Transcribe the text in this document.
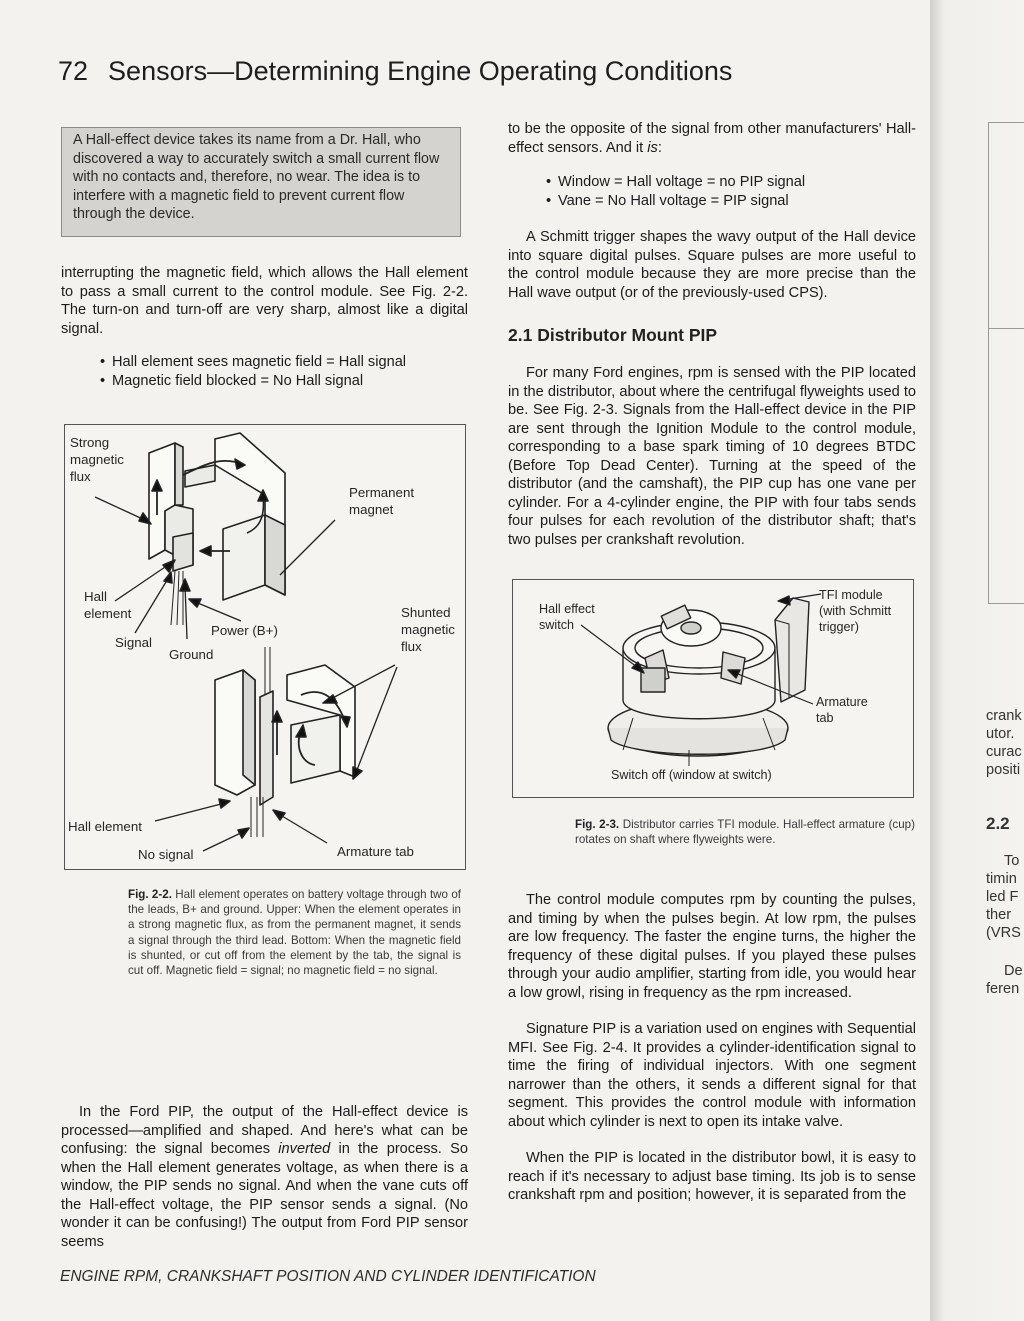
72 Sensors—Determining Engine Operating Conditions
A Hall-effect device takes its name from a Dr. Hall, who discovered a way to accurately switch a small current flow with no contacts and, therefore, no wear. The idea is to interfere with a magnetic field to prevent current flow through the device.

interrupting the magnetic field, which allows the Hall element to pass a small current to the control module. See Fig. 2-2. The turn-on and turn-off are very sharp, almost like a digital signal.

• Hall element sees magnetic field = Hall signal
• Magnetic field blocked = No Hall signal
Strong
magnetic
flux
Permanent
magnet
Hall
element
Signal
Ground
Power (B+)
Shunted
magnetic
flux
Hall element
No signal	Armature tab
Fig. 2-2. Hall element operates on battery voltage through two of the leads, B+ and ground. Upper: When the element operates in a strong magnetic flux, as from the permanent magnet, it sends a signal through the third lead. Bottom: When the magnetic field is shunted, or cut off from the element by the tab, the signal is cut off. Magnetic field = signal; no magnetic field = no signal.

In the Ford PIP, the output of the Hall-effect device is processed—amplified and shaped. And here's what can be confusing: the signal becomes inverted in the process. So when the Hall element generates voltage, as when there is a window, the PIP sends no signal. And when the vane cuts off the Hall-effect voltage, the PIP sensor sends a signal. (No wonder it can be confusing!) The output from Ford PIP sensor seems

to be the opposite of the signal from other manufacturers' Hall-effect sensors. And it is:

• Window = Hall voltage = no PIP signal
• Vane = No Hall voltage = PIP signal

A Schmitt trigger shapes the wavy output of the Hall device into square digital pulses. Square pulses are more useful to the control module because they are more precise than the Hall wave output (or of the previously-used CPS).

2.1 Distributor Mount PIP

For many Ford engines, rpm is sensed with the PIP located in the distributor, about where the centrifugal flyweights used to be. See Fig. 2-3. Signals from the Hall-effect device in the PIP are sent through the Ignition Module to the control module, corresponding to a base spark timing of 10 degrees BTDC (Before Top Dead Center). Turning at the speed of the distributor (and the camshaft), the PIP cup has one vane per cylinder. For a 4-cylinder engine, the PIP with four tabs sends four pulses for each revolution of the distributor shaft; that's two pulses per crankshaft revolution.

Hall effect
switch
TFI module
(with Schmitt
trigger)
Armature
tab
Switch off (window at switch)
Fig. 2-3. Distributor carries TFI module. Hall-effect armature (cup) rotates on shaft where flyweights were.

The control module computes rpm by counting the pulses, and timing by when the pulses begin. At low rpm, the pulses are low frequency. The faster the engine turns, the higher the frequency of these digital pulses. If you played these pulses through your audio amplifier, starting from idle, you would hear a low growl, rising in frequency as the rpm increased.

Signature PIP is a variation used on engines with Sequential MFI. See Fig. 2-4. It provides a cylinder-identification signal to time the firing of individual injectors. With one segment narrower than the others, it sends a different signal for that segment. This provides the control module with information about which cylinder is next to open its intake valve.

When the PIP is located in the distributor bowl, it is easy to reach if it's necessary to adjust base timing. Its job is to sense crankshaft rpm and position; however, it is separated from the

ENGINE RPM, CRANKSHAFT POSITION AND CYLINDER IDENTIFICATION
crank
utor.
curac
positi
2.2
To
timin
led F
ther
(VRS
De
feren
